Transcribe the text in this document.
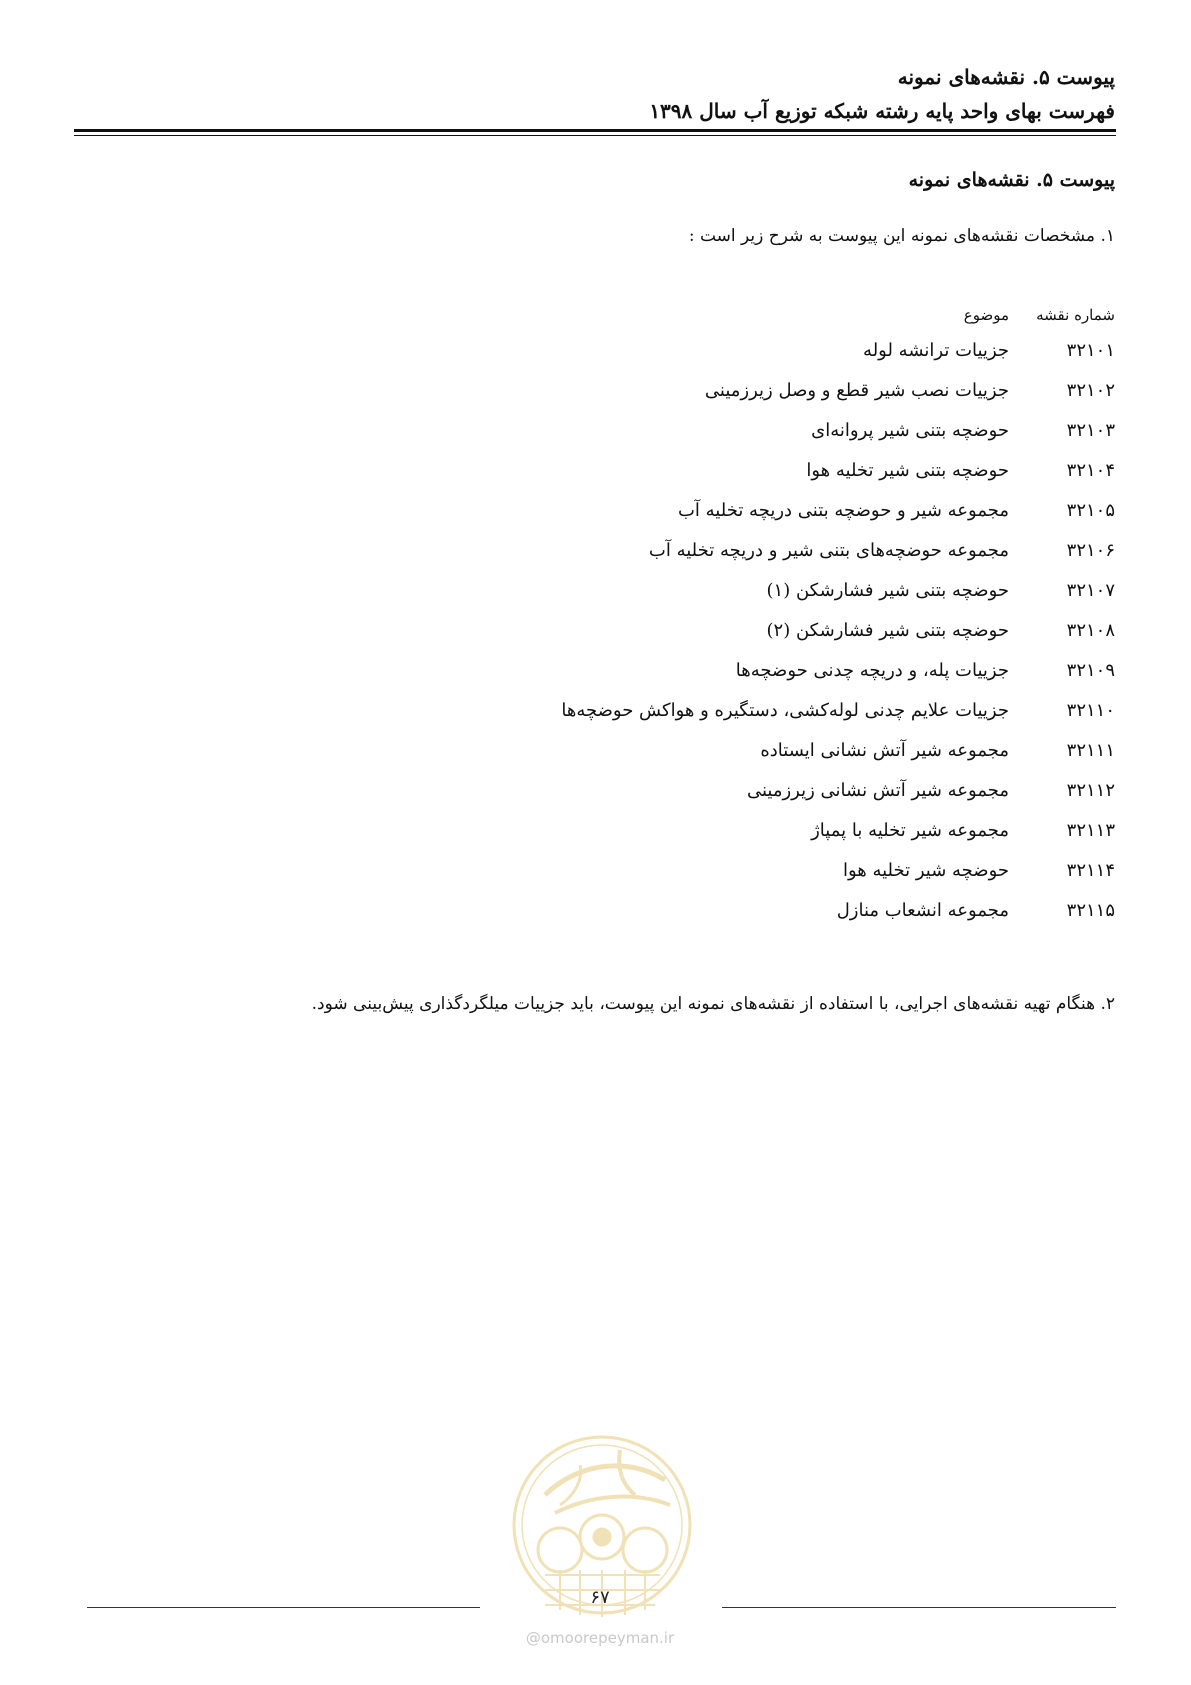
پیوست ۵. نقشه‌های نمونه
فهرست بهای واحد پایه رشته شبکه توزیع آب سال ۱۳۹۸
پیوست ۵. نقشه‌های نمونه
۱. مشخصات نقشه‌های نمونه این پیوست به شرح زیر است :
شماره نقشه
موضوع
۳۲۱۰۱
جزییات ترانشه لوله
۳۲۱۰۲
جزییات نصب شیر قطع و وصل زیرزمینی
۳۲۱۰۳
حوضچه بتنی شیر پروانه‌ای
۳۲۱۰۴
حوضچه بتنی شیر تخلیه هوا
۳۲۱۰۵
مجموعه شیر و حوضچه بتنی دریچه تخلیه آب
۳۲۱۰۶
مجموعه حوضچه‌های بتنی شیر و دریچه تخلیه آب
۳۲۱۰۷
حوضچه بتنی شیر فشارشکن (۱)
۳۲۱۰۸
حوضچه بتنی شیر فشارشکن (۲)
۳۲۱۰۹
جزییات پله، و دریچه چدنی حوضچه‌ها
۳۲۱۱۰
جزییات علایم چدنی لوله‌کشی، دستگیره و هواکش حوضچه‌ها
۳۲۱۱۱
مجموعه شیر آتش نشانی ایستاده
۳۲۱۱۲
مجموعه شیر آتش نشانی زیرزمینی
۳۲۱۱۳
مجموعه شیر تخلیه با پمپاژ
۳۲۱۱۴
حوضچه شیر تخلیه هوا
۳۲۱۱۵
مجموعه انشعاب منازل
۲. هنگام تهیه نقشه‌های اجرایی، با استفاده از نقشه‌های نمونه این پیوست، باید جزییات میلگردگذاری پیش‌بینی شود.
۶۷
@omoorepeyman.ir
